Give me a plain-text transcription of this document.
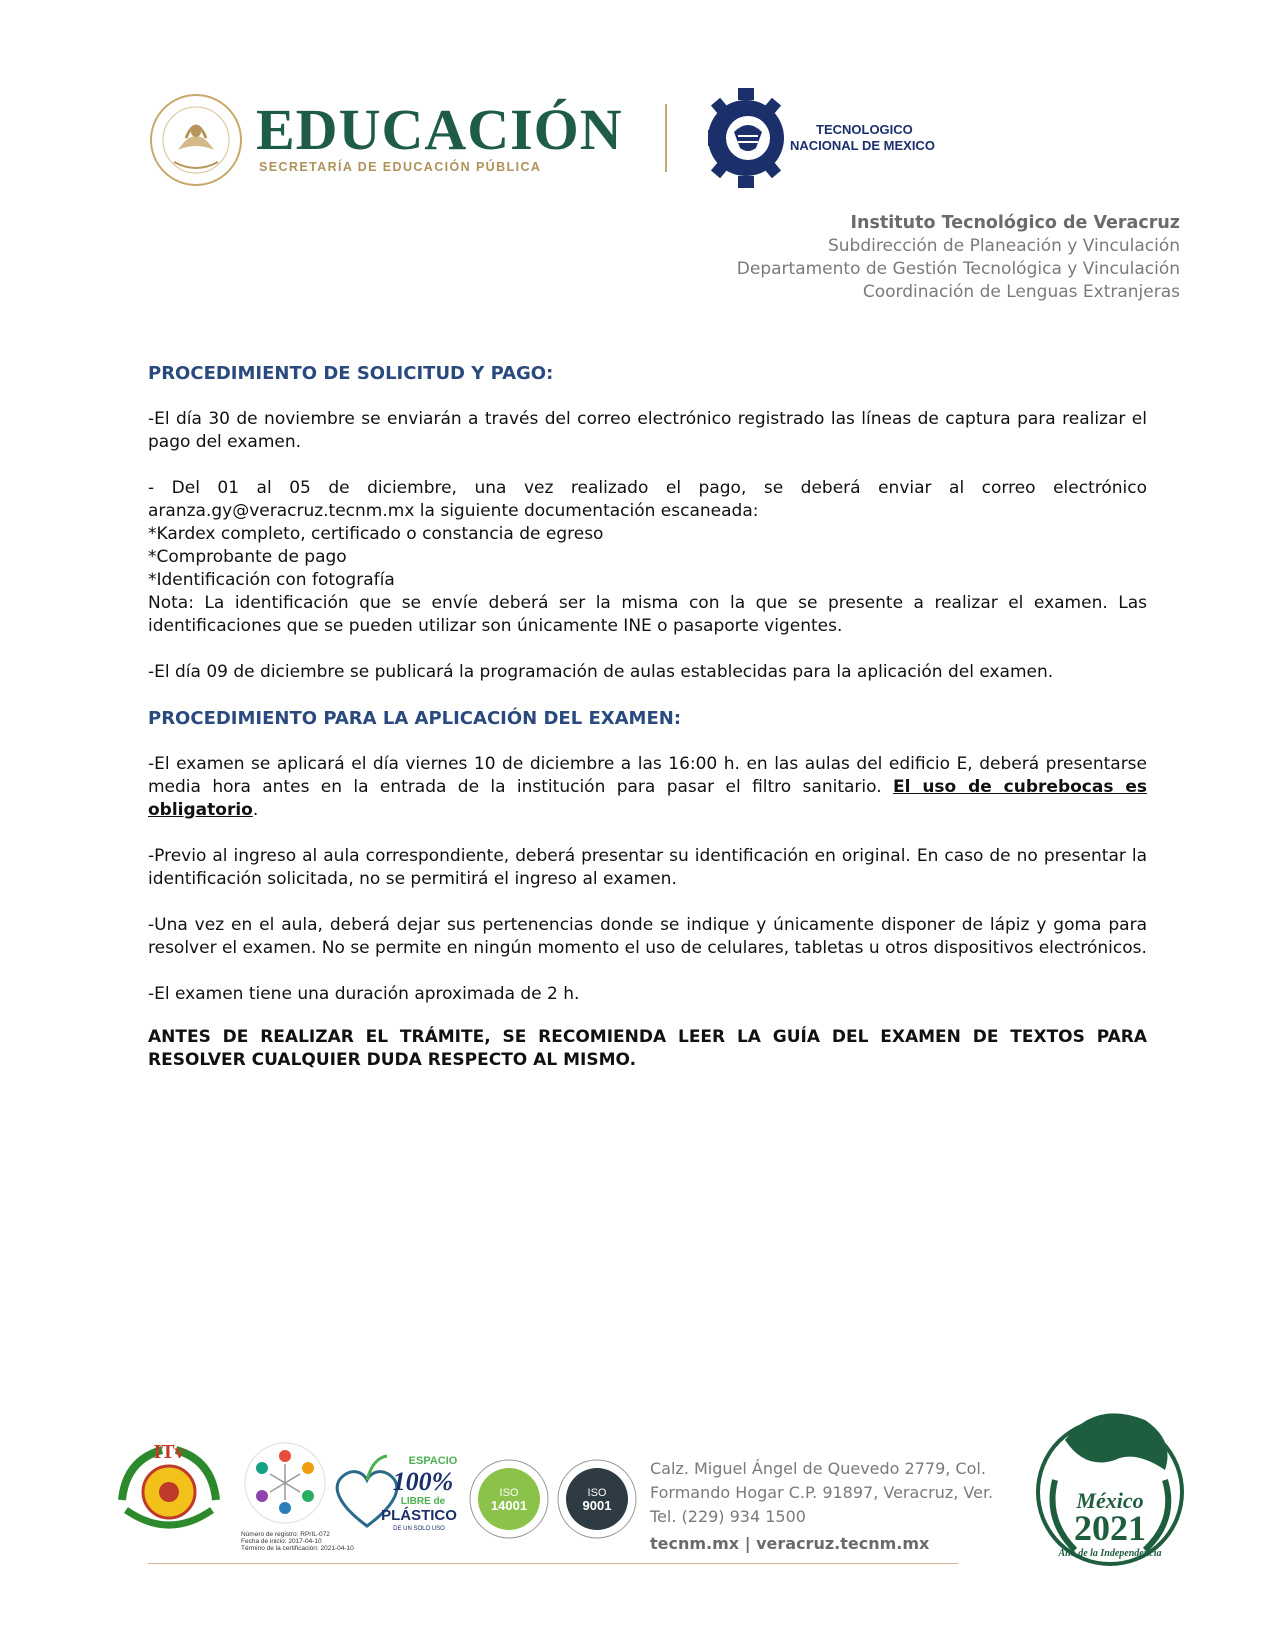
EDUCACIÓN
SECRETARÍA DE EDUCACIÓN PÚBLICA
TECNOLOGICO
NACIONAL DE MEXICO
Instituto Tecnológico de Veracruz
Subdirección de Planeación y Vinculación
Departamento de Gestión Tecnológica y Vinculación
Coordinación de Lenguas Extranjeras

PROCEDIMIENTO DE SOLICITUD Y PAGO:

-El día 30 de noviembre se enviarán a través del correo electrónico registrado las líneas de captura para realizar el pago del examen.

- Del 01 al 05 de diciembre, una vez realizado el pago, se deberá enviar al correo electrónico aranza.gy@veracruz.tecnm.mx la siguiente documentación escaneada:

*Kardex completo, certificado o constancia de egreso

*Comprobante de pago

*Identificación con fotografía

Nota: La identificación que se envíe deberá ser la misma con la que se presente a realizar el examen. Las identificaciones que se pueden utilizar son únicamente INE o pasaporte vigentes.

-El día 09 de diciembre se publicará la programación de aulas establecidas para la aplicación del examen.

PROCEDIMIENTO PARA LA APLICACIÓN DEL EXAMEN:

-El examen se aplicará el día viernes 10 de diciembre a las 16:00 h. en las aulas del edificio E, deberá presentarse media hora antes en la entrada de la institución para pasar el filtro sanitario. El uso de cubrebocas es obligatorio.

-Previo al ingreso al aula correspondiente, deberá presentar su identificación en original. En caso de no presentar la identificación solicitada, no se permitirá el ingreso al examen.

-Una vez en el aula, deberá dejar sus pertenencias donde se indique y únicamente disponer de lápiz y goma para resolver el examen. No se permite en ningún momento el uso de celulares, tabletas u otros dispositivos electrónicos.

-El examen tiene una duración aproximada de 2 h.

ANTES DE REALIZAR EL TRÁMITE, SE RECOMIENDA LEER LA GUÍA DEL EXAMEN DE TEXTOS PARA RESOLVER CUALQUIER DUDA RESPECTO AL MISMO.

ITv
Número de registro: RPrIL-072
Fecha de inicio: 2017-04-10
Término de la certificación: 2021-04-10
ESPACIO
100%
LIBRE de
PLÁSTICO
DE UN SOLO USO
ISO
14001
ISO
9001
Calz. Miguel Ángel de Quevedo 2779, Col.
Formando Hogar C.P. 91897, Veracruz, Ver.
Tel. (229) 934 1500
tecnm.mx | veracruz.tecnm.mx
México
2021
Año de la Independencia
